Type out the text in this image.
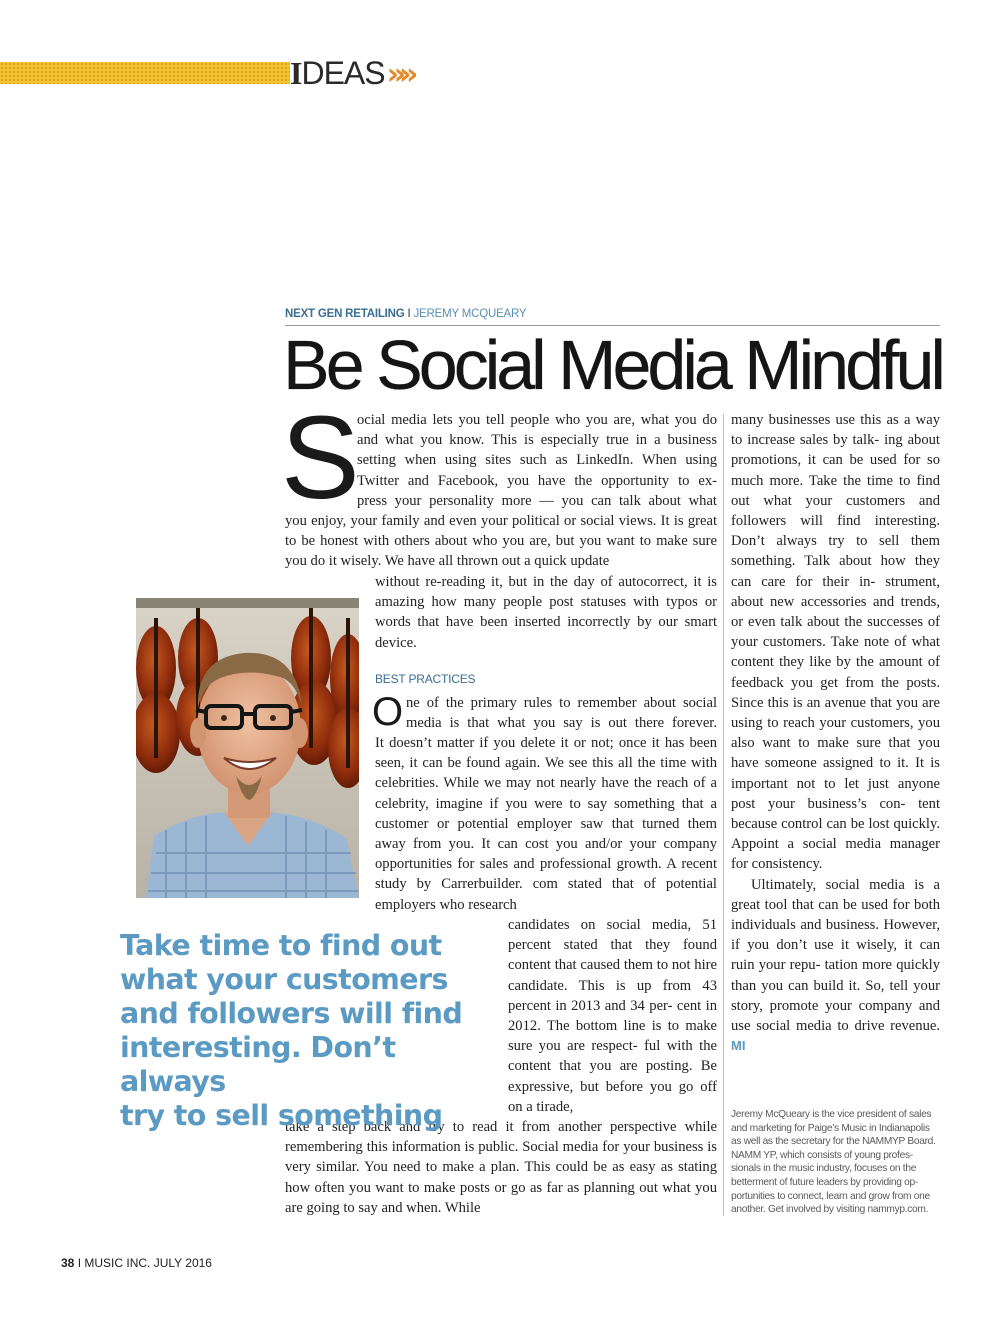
IDEAS»»
NEXT GEN RETAILING I JEREMY MCQUEARY
Be Social Media Mindful
S
ocial media lets you tell people who you are, what you do
and what you know. This is especially true in a business
setting when using sites such as LinkedIn. When using
Twitter and Facebook, you have the opportunity to ex-
press your personality more — you can talk about what

you enjoy, your family and even your political or social views. It is great to be honest with others about who you are, but you want to make sure you do it wisely. We have all thrown out a quick update

without re-reading it, but in the day of autocorrect, it is amazing how many people post statuses with typos or words that have been inserted incorrectly by our smart device.

BEST PRACTICES
O ne of the primary rules to remember about social
media is that what you say is out there forever.

It doesn’t matter if you delete it or not; once it has been seen, it can be found again. We see this all the time with celebrities. While we may not nearly have the reach of a celebrity, imagine if you were to say something that a customer or potential employer saw that turned them away from you. It can cost you and/or your company opportunities for sales and professional growth. A recent study by Carrerbuilder. com stated that of potential employers who research

candidates on social media, 51 percent stated that they found content that caused them to not hire candidate. This is up from 43 percent in 2013 and 34 per- cent in 2012. The bottom line is to make sure you are respect- ful with the content that you are posting. Be expressive, but before you go off on a tirade,

take a step back and try to read it from another perspective while remembering this information is public. Social media for your business is very similar. You need to make a plan. This could be as easy as stating how often you want to make posts or go as far as planning out what you are going to say and when. While

Take time to find out
what your customers
and followers will find
interesting. Don’t always
try to sell something

many businesses use this as a way to increase sales by talk- ing about promotions, it can be used for so much more. Take the time to find out what your customers and followers will find interesting. Don’t always try to sell them something. Talk about how they can care for their in- strument, about new accessories and trends, or even talk about the successes of your customers. Take note of what content they like by the amount of feedback you get from the posts. Since this is an avenue that you are using to reach your customers, you also want to make sure that you have someone assigned to it. It is important not to let just anyone post your business’s con- tent because control can be lost quickly. Appoint a social media manager for consistency.

Ultimately, social media is a great tool that can be used for both individuals and business. However, if you don’t use it wisely, it can ruin your repu- tation more quickly than you can build it. So, tell your story, promote your company and use social media to drive revenue. MI

Jeremy McQueary is the vice president of sales and marketing for Paige’s Music in Indianapolis as well as the secretary for the NAMMYP Board. NAMM YP, which consists of young profes- sionals in the music industry, focuses on the betterment of future leaders by providing op- portunities to connect, learn and grow from one another. Get involved by visiting nammyp.com.
38 I MUSIC INC. JULY 2016
